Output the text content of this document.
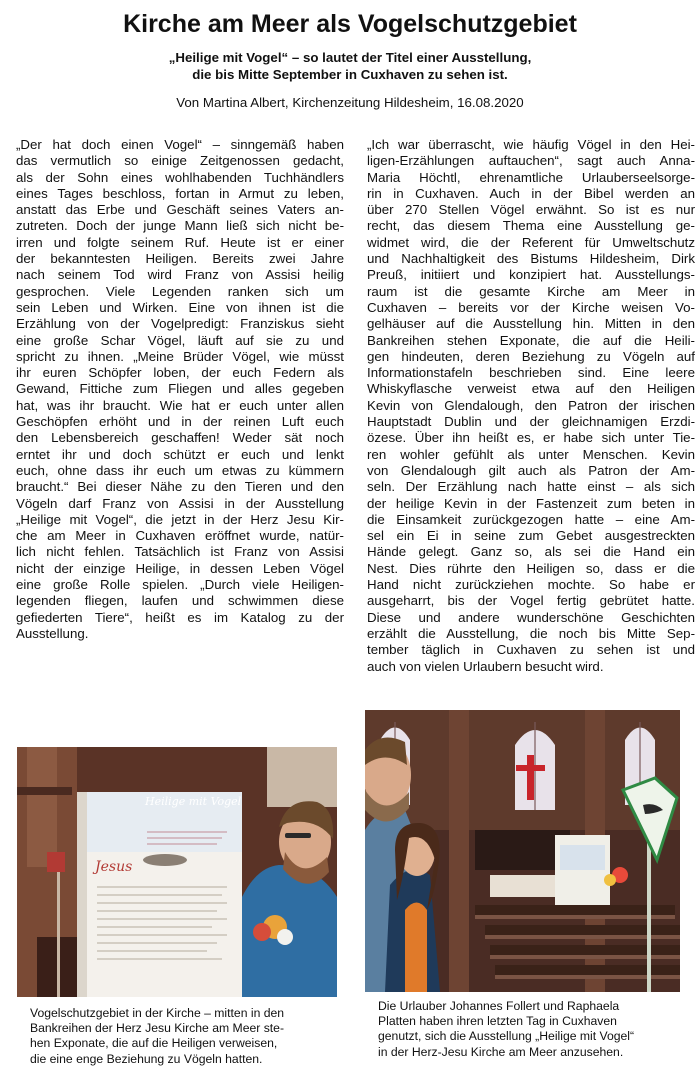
Kirche am Meer als Vogelschutzgebiet
„Heilige mit Vogel“ – so lautet der Titel einer Ausstellung,
die bis Mitte September in Cuxhaven zu sehen ist.
Von Martina Albert, Kirchenzeitung Hildesheim, 16.08.2020
„Der hat doch einen Vogel“ – sinngemäß haben
das vermutlich so einige Zeitgenossen gedacht,
als der Sohn eines wohlhabenden Tuchhändlers
eines Tages beschloss, fortan in Armut zu leben,
anstatt das Erbe und Geschäft seines Vaters an-
zutreten. Doch der junge Mann ließ sich nicht be-
irren und folgte seinem Ruf. Heute ist er einer
der bekanntesten Heiligen. Bereits zwei Jahre
nach seinem Tod wird Franz von Assisi heilig
gesprochen. Viele Legenden ranken sich um
sein Leben und Wirken. Eine von ihnen ist die
Erzählung von der Vogelpredigt: Franziskus sieht
eine große Schar Vögel, läuft auf sie zu und
spricht zu ihnen. „Meine Brüder Vögel, wie müsst
ihr euren Schöpfer loben, der euch Federn als
Gewand, Fittiche zum Fliegen und alles gegeben
hat, was ihr braucht. Wie hat er euch unter allen
Geschöpfen erhöht und in der reinen Luft euch
den Lebensbereich geschaffen! Weder sät noch
erntet ihr und doch schützt er euch und lenkt
euch, ohne dass ihr euch um etwas zu kümmern
braucht.“ Bei dieser Nähe zu den Tieren und den
Vögeln darf Franz von Assisi in der Ausstellung
„Heilige mit Vogel“, die jetzt in der Herz Jesu Kir-
che am Meer in Cuxhaven eröffnet wurde, natür-
lich nicht fehlen. Tatsächlich ist Franz von Assisi
nicht der einzige Heilige, in dessen Leben Vögel
eine große Rolle spielen. „Durch viele Heiligen-
legenden fliegen, laufen und schwimmen diese
gefiederten Tiere“, heißt es im Katalog zu der
Ausstellung.
„Ich war überrascht, wie häufig Vögel in den Hei-
ligen-Erzählungen auftauchen“, sagt auch Anna-
Maria Höchtl, ehrenamtliche Urlauberseelsorge-
rin in Cuxhaven. Auch in der Bibel werden an
über 270 Stellen Vögel erwähnt. So ist es nur
recht, das diesem Thema eine Ausstellung ge-
widmet wird, die der Referent für Umweltschutz
und Nachhaltigkeit des Bistums Hildesheim, Dirk
Preuß, initiiert und konzipiert hat. Ausstellungs-
raum ist die gesamte Kirche am Meer in
Cuxhaven – bereits vor der Kirche weisen Vo-
gelhäuser auf die Ausstellung hin. Mitten in den
Bankreihen stehen Exponate, die auf die Heili-
gen hindeuten, deren Beziehung zu Vögeln auf
Informationstafeln beschrieben sind. Eine leere
Whiskyflasche verweist etwa auf den Heiligen
Kevin von Glendalough, den Patron der irischen
Hauptstadt Dublin und der gleichnamigen Erzdi-
özese. Über ihn heißt es, er habe sich unter Tie-
ren wohler gefühlt als unter Menschen. Kevin
von Glendalough gilt auch als Patron der Am-
seln. Der Erzählung nach hatte einst – als sich
der heilige Kevin in der Fastenzeit zum beten in
die Einsamkeit zurückgezogen hatte – eine Am-
sel ein Ei in seine zum Gebet ausgestreckten
Hände gelegt. Ganz so, als sei die Hand ein
Nest. Dies rührte den Heiligen so, dass er die
Hand nicht zurückziehen mochte. So habe er
ausgeharrt, bis der Vogel fertig gebrütet hatte.
Diese und andere wunderschöne Geschichten
erzählt die Ausstellung, die noch bis Mitte Sep-
tember täglich in Cuxhaven zu sehen ist und
auch von vielen Urlaubern besucht wird.
Heilige mit Vogel
Jesus
Vogelschutzgebiet in der Kirche – mitten in den
Bankreihen der Herz Jesu Kirche am Meer ste-
hen Exponate, die auf die Heiligen verweisen,
die eine enge Beziehung zu Vögeln hatten.
Die Urlauber Johannes Follert und Raphaela
Platten haben ihren letzten Tag in Cuxhaven
genutzt, sich die Ausstellung „Heilige mit Vogel“
in der Herz-Jesu Kirche am Meer anzusehen.
